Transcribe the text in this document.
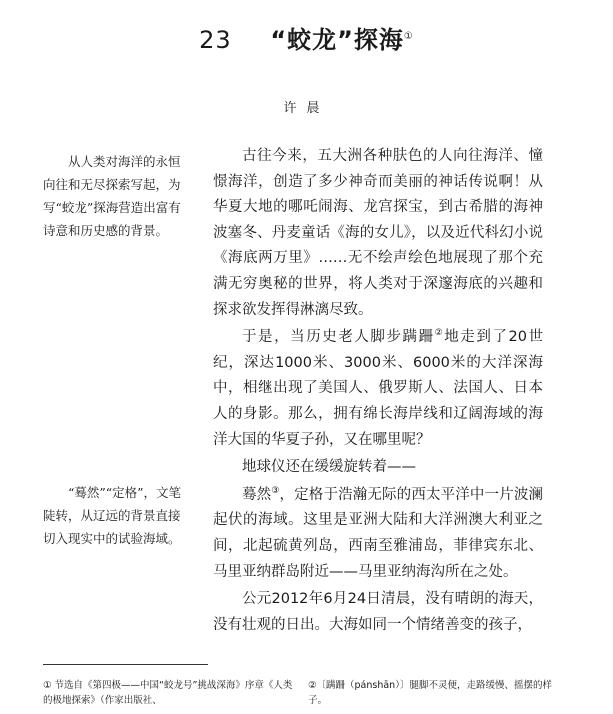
23 “蛟龙”探海①
许晨

从人类对海洋的永恒向往和无尽探索写起，为写“蛟龙”探海营造出富有诗意和历史感的背景。

“蓦然”“定格”，文笔陡转，从辽远的背景直接切入现实中的试验海域。

古往今来，五大洲各种肤色的人向往海洋、憧憬海洋，创造了多少神奇而美丽的神话传说啊！从华夏大地的哪吒闹海、龙宫探宝，到古希腊的海神波塞冬、丹麦童话《海的女儿》，以及近代科幻小说《海底两万里》……无不绘声绘色地展现了那个充满无穷奥秘的世界，将人类对于深邃海底的兴趣和探求欲发挥得淋漓尽致。

于是，当历史老人脚步蹒跚②地走到了20世纪，深达1000米、3000米、6000米的大洋深海中，相继出现了美国人、俄罗斯人、法国人、日本人的身影。那么，拥有绵长海岸线和辽阔海域的海洋大国的华夏子孙，又在哪里呢？

地球仪还在缓缓旋转着——

蓦然③，定格于浩瀚无际的西太平洋中一片波澜起伏的海域。这里是亚洲大陆和大洋洲澳大利亚之间，北起硫黄列岛，西南至雅浦岛，菲律宾东北、马里亚纳群岛附近——马里亚纳海沟所在之处。

公元2012年6月24日清晨，没有晴朗的海天，没有壮观的日出。大海如同一个情绪善变的孩子，

① 节选自《第四极——中国“蛟龙号”挑战深海》序章《人类的极地探索》（作家出版社、
②〔蹒跚（pánshān）〕腿脚不灵便，走路缓慢、摇摆的样子。
